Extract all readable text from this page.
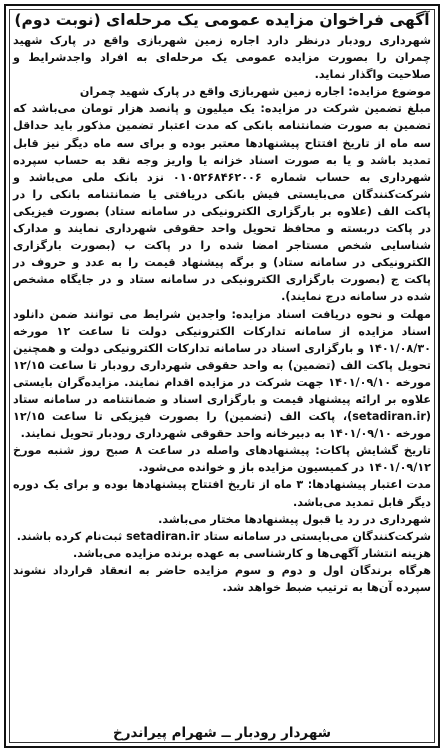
آگهی فراخوان مزایده عمومی یک مرحله‌ای (نوبت دوم)

شهرداری رودبار درنظر دارد اجاره زمین شهربازی واقع در پارک شهید چمران را بصورت مزایده عمومی یک مرحله‌ای به افراد واجدشرایط و صلاحیت واگذار نماید.

موضوع مزایده: اجاره زمین شهربازی واقع در پارک شهید چمران

مبلغ تضمین شرکت در مزایده: یک میلیون و پانصد هزار تومان می‌باشد که تضمین به صورت ضمانتنامه بانکی که مدت اعتبار تضمین مذکور باید حداقل سه ماه از تاریخ افتتاح پیشنهادها معتبر بوده و برای سه ماه دیگر نیز قابل تمدید باشد و یا به صورت اسناد خزانه یا واریز وجه نقد به حساب سپرده شهرداری به حساب شماره ۰۱۰۵۲۶۸۴۶۲۰۰۶ نزد بانک ملی می‌باشد و شرکت‌کنندگان می‌بایستی فیش بانکی دریافتی یا ضمانتنامه بانکی را در پاکت الف (علاوه بر بارگزاری الکترونیکی در سامانه ستاد) بصورت فیزیکی در پاکت دربسته و محافظ تحویل واحد حقوقی شهرداری نمایند و مدارک شناسایی شخص مستاجر امضا شده را در پاکت ب (بصورت بارگزاری الکترونیکی در سامانه ستاد) و برگه پیشنهاد قیمت را به عدد و حروف در پاکت ج (بصورت بارگزاری الکترونیکی در سامانه ستاد و در جایگاه مشخص شده در سامانه درج نمایند).

مهلت و نحوه دریافت اسناد مزایده: واجدین شرایط می توانند ضمن دانلود اسناد مزایده از سامانه تدارکات الکترونیکی دولت تا ساعت ۱۲ مورخه ۱۴۰۱/۰۸/۳۰ و بارگزاری اسناد در سامانه تدارکات الکترونیکی دولت و همچنین تحویل پاکت الف (تضمین) به واحد حقوقی شهرداری رودبار تا ساعت ۱۲/۱۵ مورخه ۱۴۰۱/۰۹/۱۰ جهت شرکت در مزایده اقدام نمایند. مزایده‌گران بایستی علاوه بر ارائه پیشنهاد قیمت و بارگزاری اسناد و ضمانتنامه در سامانه ستاد (setadiran.ir)، پاکت الف (تضمین) را بصورت فیزیکی تا ساعت ۱۲/۱۵ مورخه ۱۴۰۱/۰۹/۱۰ به دبیرخانه واحد حقوقی شهرداری رودبار تحویل نمایند.

تاریخ گشایش پاکات: پیشنهادهای واصله در ساعت ۸ صبح روز شنبه مورخ ۱۴۰۱/۰۹/۱۲ در کمیسیون مزایده باز و خوانده می‌شود.

مدت اعتبار پیشنهادها: ۳ ماه از تاریخ افتتاح پیشنهادها بوده و برای یک دوره دیگر قابل تمدید می‌باشد.

شهرداری در رد یا قبول پیشنهادها مختار می‌باشد.

شرکت‌کنندگان می‌بایستی در سامانه ستاد setadiran.ir ثبت‌نام کرده باشند.

هزینه انتشار آگهی‌ها و کارشناسی به عهده برنده مزایده می‌باشد.

هرگاه برندگان اول و دوم و سوم مزایده حاضر به انعقاد قرارداد نشوند سپرده آن‌ها به ترتیب ضبط خواهد شد.

شهردار رودبار ــ شهرام پیراندرخ
